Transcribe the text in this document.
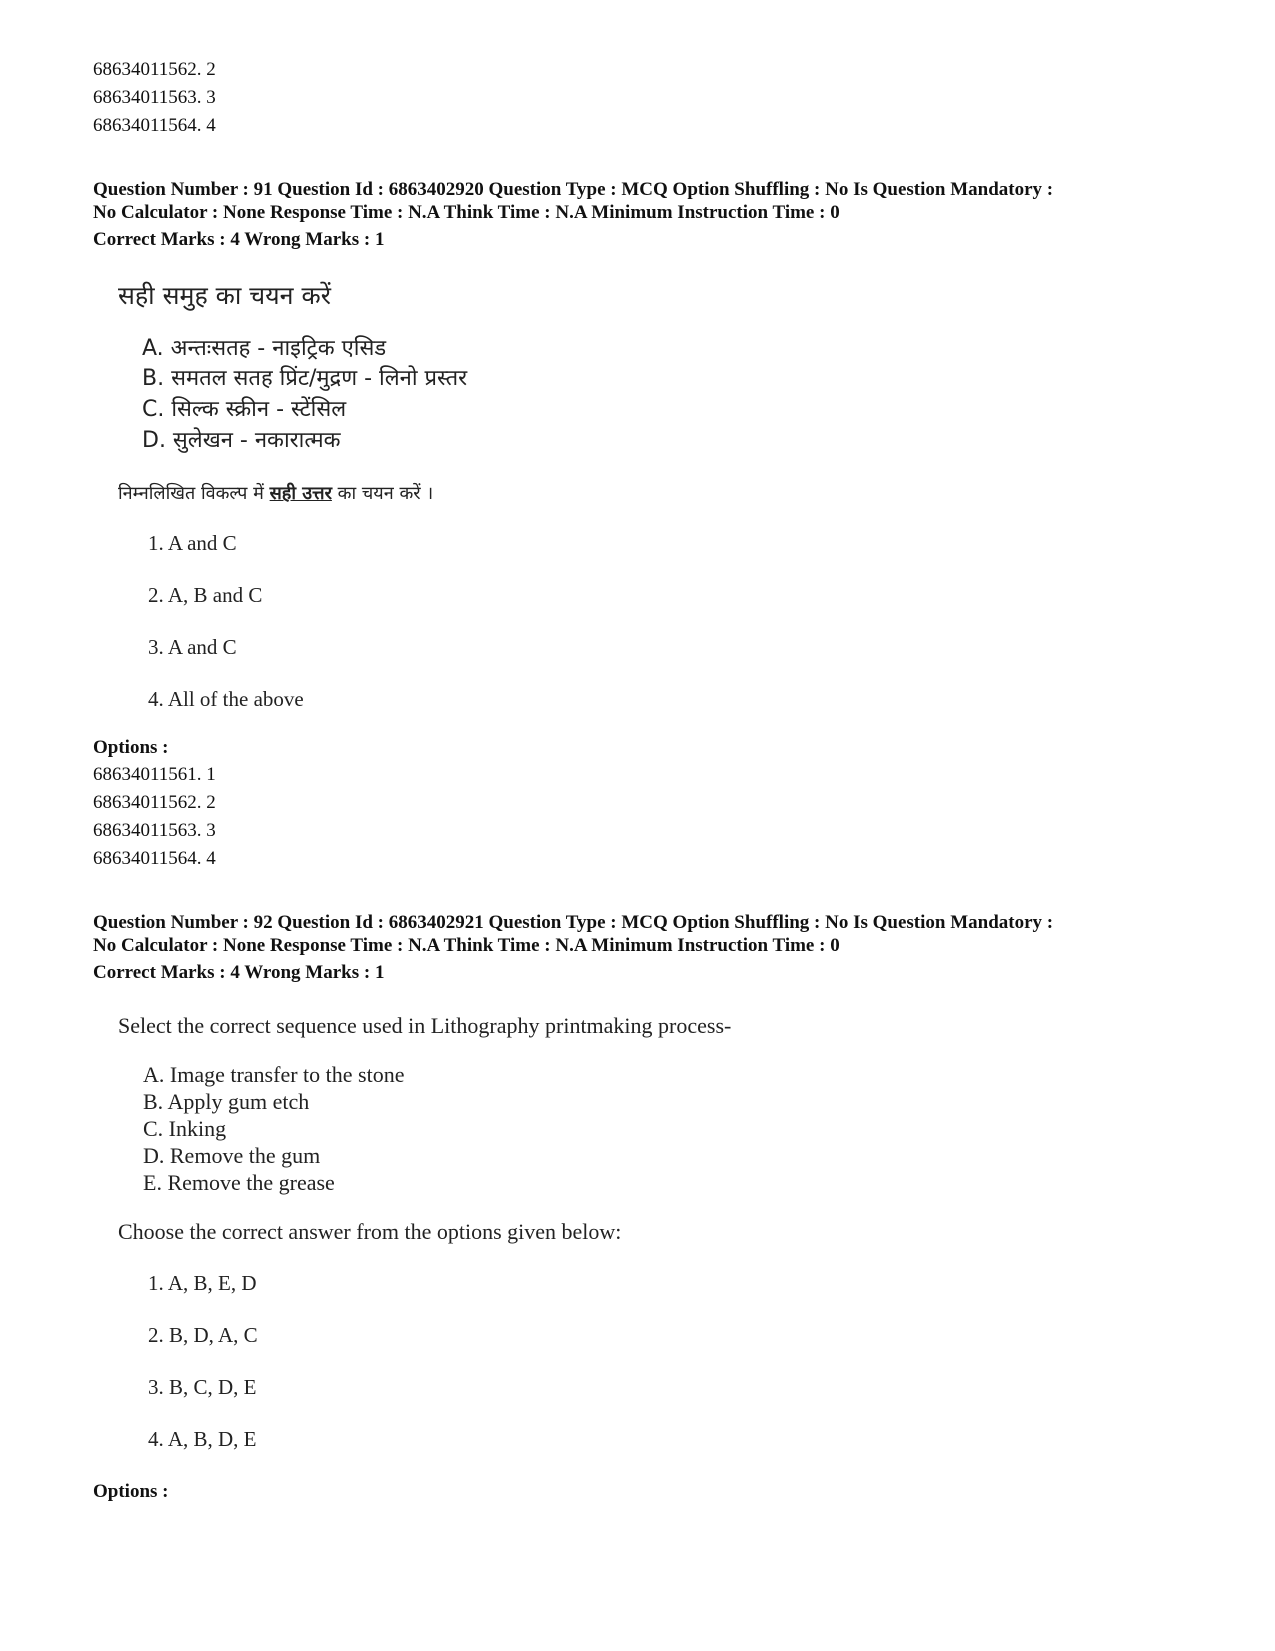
68634011562. 2
68634011563. 3
68634011564. 4
Question Number : 91 Question Id : 6863402920 Question Type : MCQ Option Shuffling : No Is Question Mandatory :
No Calculator : None Response Time : N.A Think Time : N.A Minimum Instruction Time : 0
Correct Marks : 4 Wrong Marks : 1
सही समुह का चयन करें
A. अन्तःसतह - नाइट्रिक एसिड
B. समतल सतह प्रिंट/मुद्रण - लिनो प्रस्तर
C. सिल्क स्क्रीन - स्टेंसिल
D. सुलेखन - नकारात्मक
निम्नलिखित विकल्प में सही उत्तर का चयन करें ।
1. A and C
2. A, B and C
3. A and C
4. All of the above
Options :
68634011561. 1
68634011562. 2
68634011563. 3
68634011564. 4
Question Number : 92 Question Id : 6863402921 Question Type : MCQ Option Shuffling : No Is Question Mandatory :
No Calculator : None Response Time : N.A Think Time : N.A Minimum Instruction Time : 0
Correct Marks : 4 Wrong Marks : 1
Select the correct sequence used in Lithography printmaking process-
A. Image transfer to the stone
B. Apply gum etch
C. Inking
D. Remove the gum
E. Remove the grease
Choose the correct answer from the options given below:
1. A, B, E, D
2. B, D, A, C
3. B, C, D, E
4. A, B, D, E
Options :
